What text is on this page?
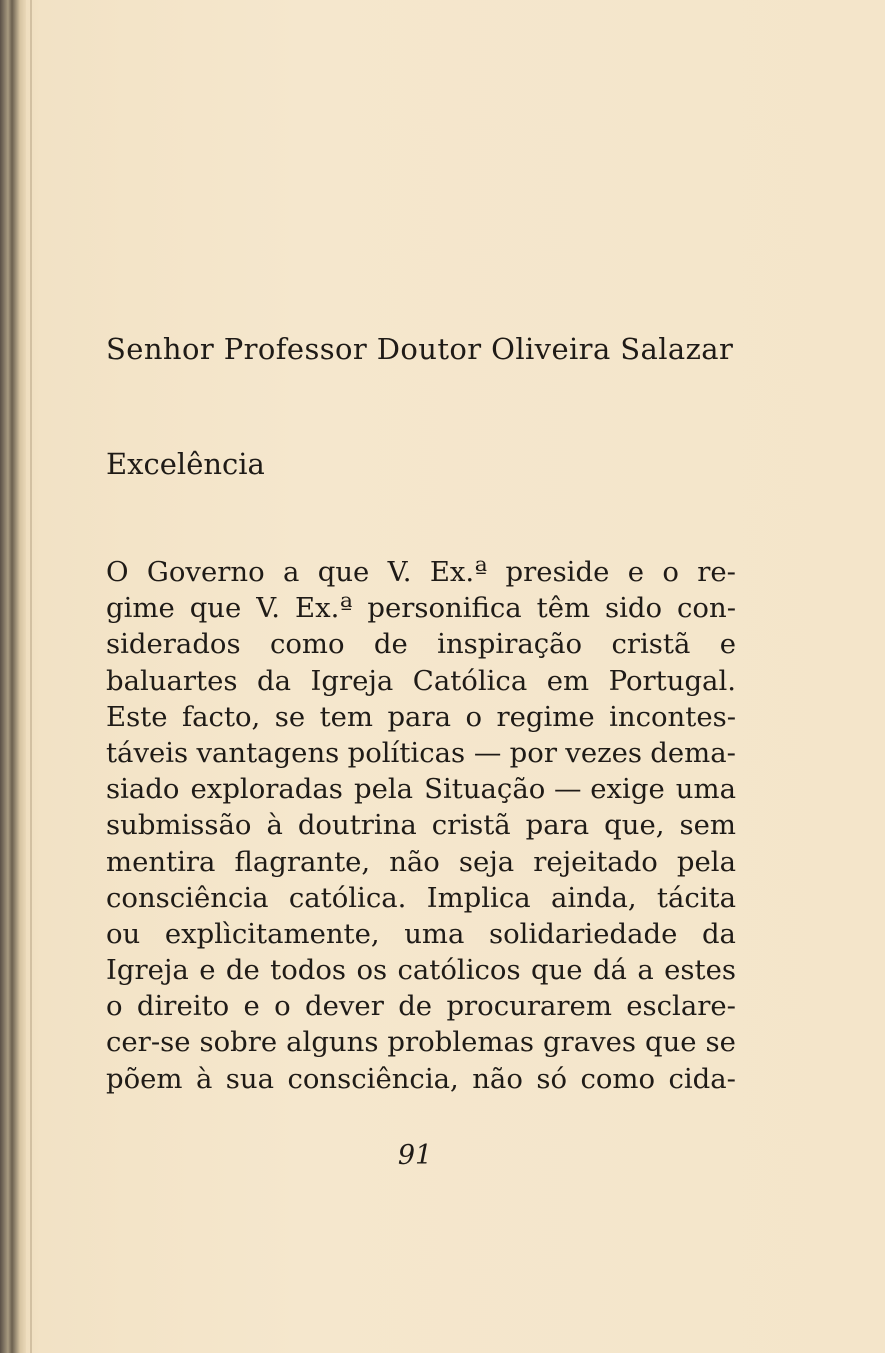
Senhor Professor Doutor Oliveira Salazar
Excelência
O Governo a que V. Ex.ª preside e o re-
gime que V. Ex.ª personifica têm sido con-
siderados como de inspiração cristã e
baluartes da Igreja Católica em Portugal.
Este facto, se tem para o regime incontes-
táveis vantagens políticas — por vezes dema-
siado exploradas pela Situação — exige uma
submissão à doutrina cristã para que, sem
mentira flagrante, não seja rejeitado pela
consciência católica. Implica ainda, tácita
ou explìcitamente, uma solidariedade da
Igreja e de todos os católicos que dá a estes
o direito e o dever de procurarem esclare-
cer-se sobre alguns problemas graves que se
põem à sua consciência, não só como cida-
91
